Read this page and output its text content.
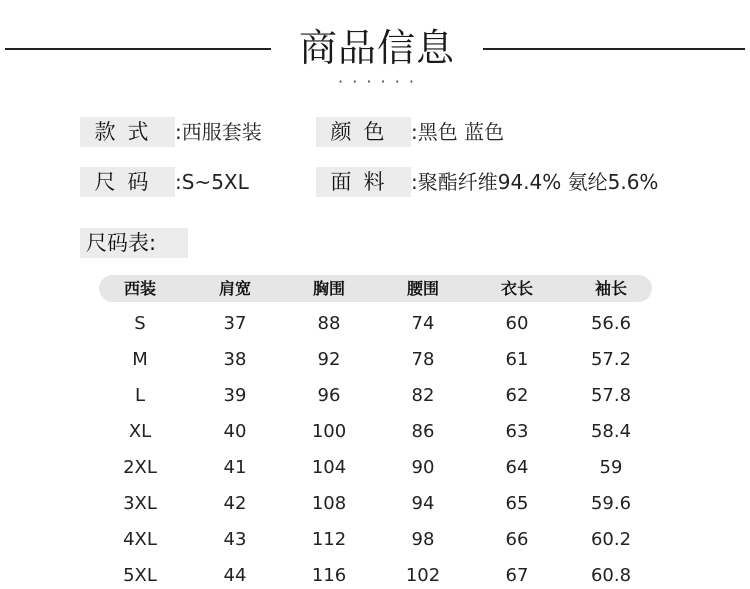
商品信息
· · · · · ·
款式 :西服套装	颜色 :黑色 蓝色
尺码 :S~5XL	面料 :聚酯纤维94.4% 氨纶5.6%
尺码表:
西装	肩宽	胸围	腰围	衣长	袖长
S	37	88	74	60	56.6
M	38	92	78	61	57.2
L	39	96	82	62	57.8
XL	40	100	86	63	58.4
2XL	41	104	90	64	59
3XL	42	108	94	65	59.6
4XL	43	112	98	66	60.2
5XL	44	116	102	67	60.8
